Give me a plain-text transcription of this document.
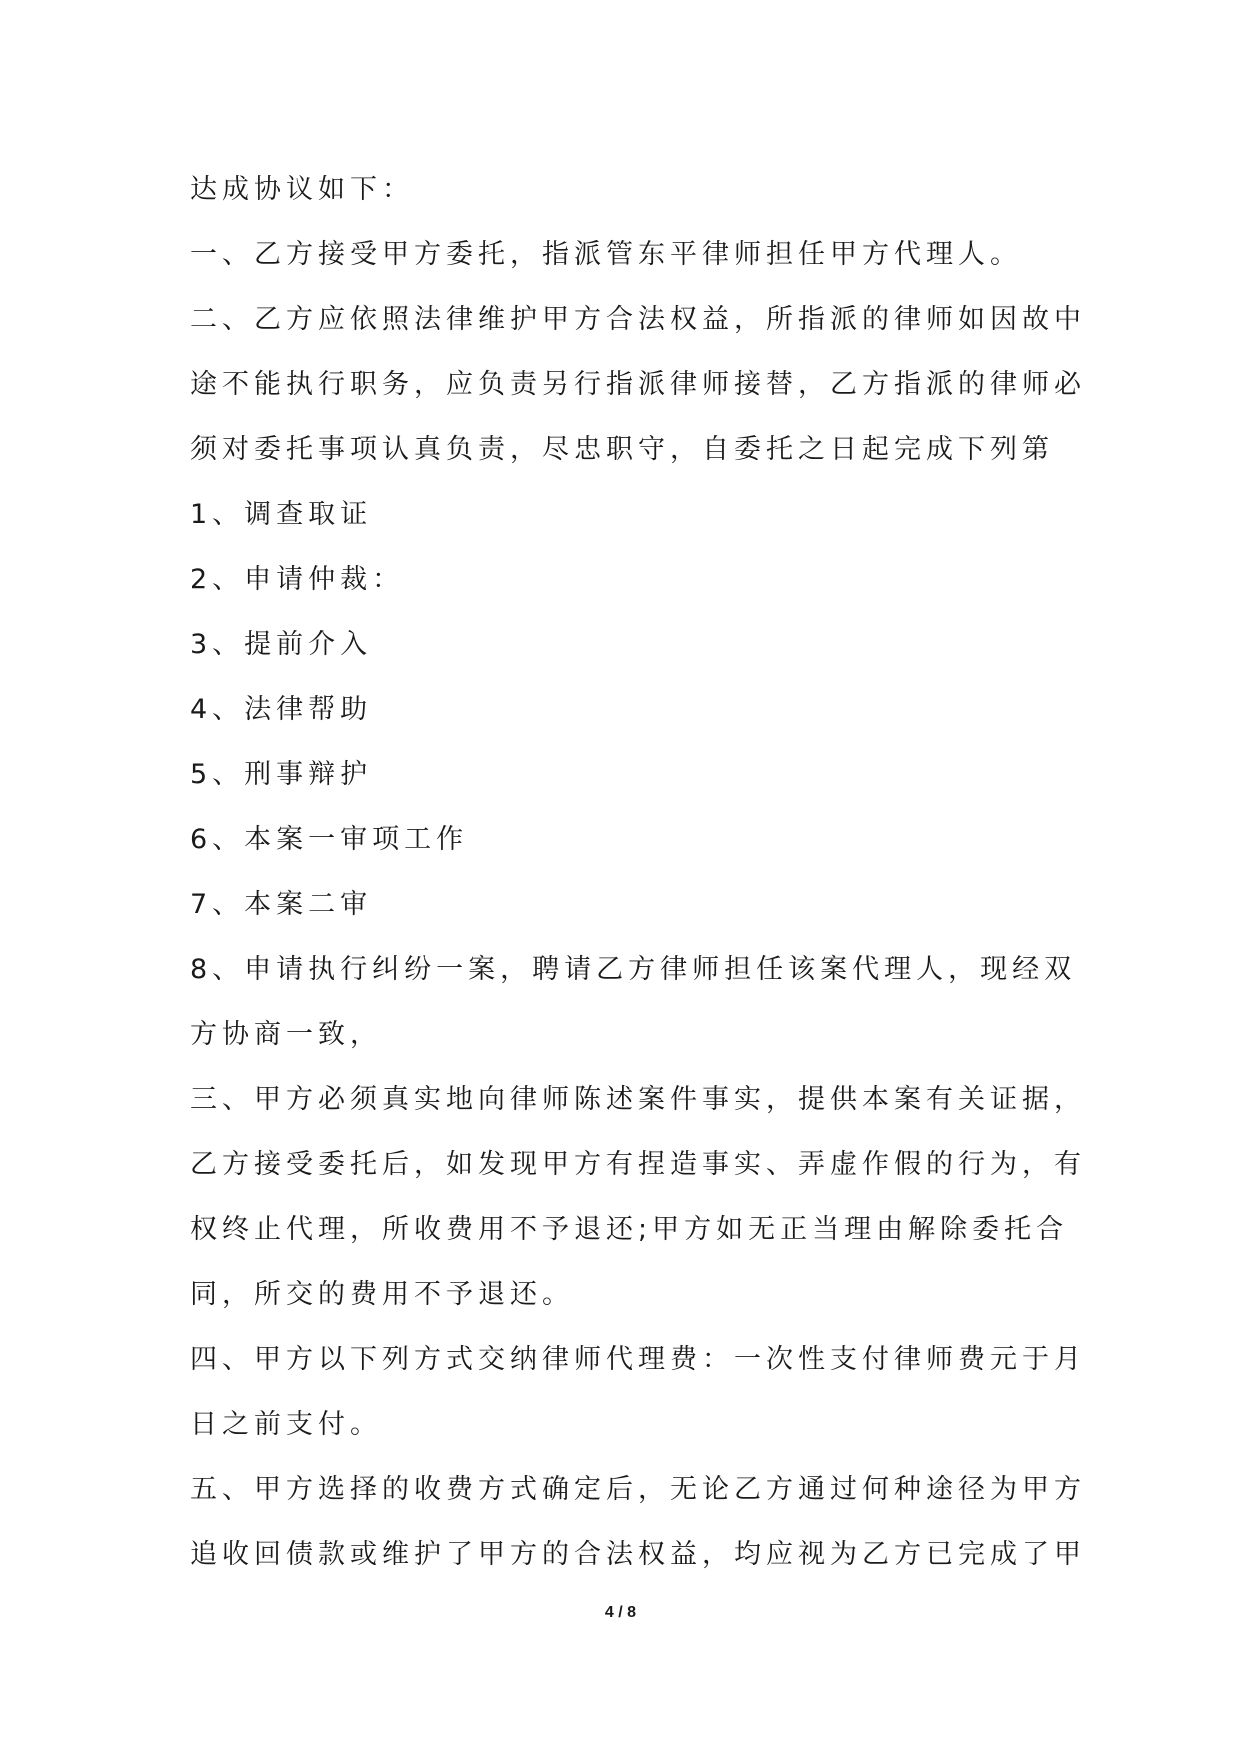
达成协议如下：
一、乙方接受甲方委托，指派管东平律师担任甲方代理人。
二、乙方应依照法律维护甲方合法权益，所指派的律师如因故中
途不能执行职务，应负责另行指派律师接替，乙方指派的律师必
须对委托事项认真负责，尽忠职守，自委托之日起完成下列第
1、调查取证
2、申请仲裁：
3、提前介入
4、法律帮助
5、刑事辩护
6、本案一审项工作
7、本案二审
8、申请执行纠纷一案，聘请乙方律师担任该案代理人，现经双
方协商一致，
三、甲方必须真实地向律师陈述案件事实，提供本案有关证据，
乙方接受委托后，如发现甲方有捏造事实、弄虚作假的行为，有
权终止代理，所收费用不予退还;甲方如无正当理由解除委托合
同，所交的费用不予退还。
四、甲方以下列方式交纳律师代理费：一次性支付律师费元于月
日之前支付。
五、甲方选择的收费方式确定后，无论乙方通过何种途径为甲方
追收回债款或维护了甲方的合法权益，均应视为乙方已完成了甲
4 / 8
